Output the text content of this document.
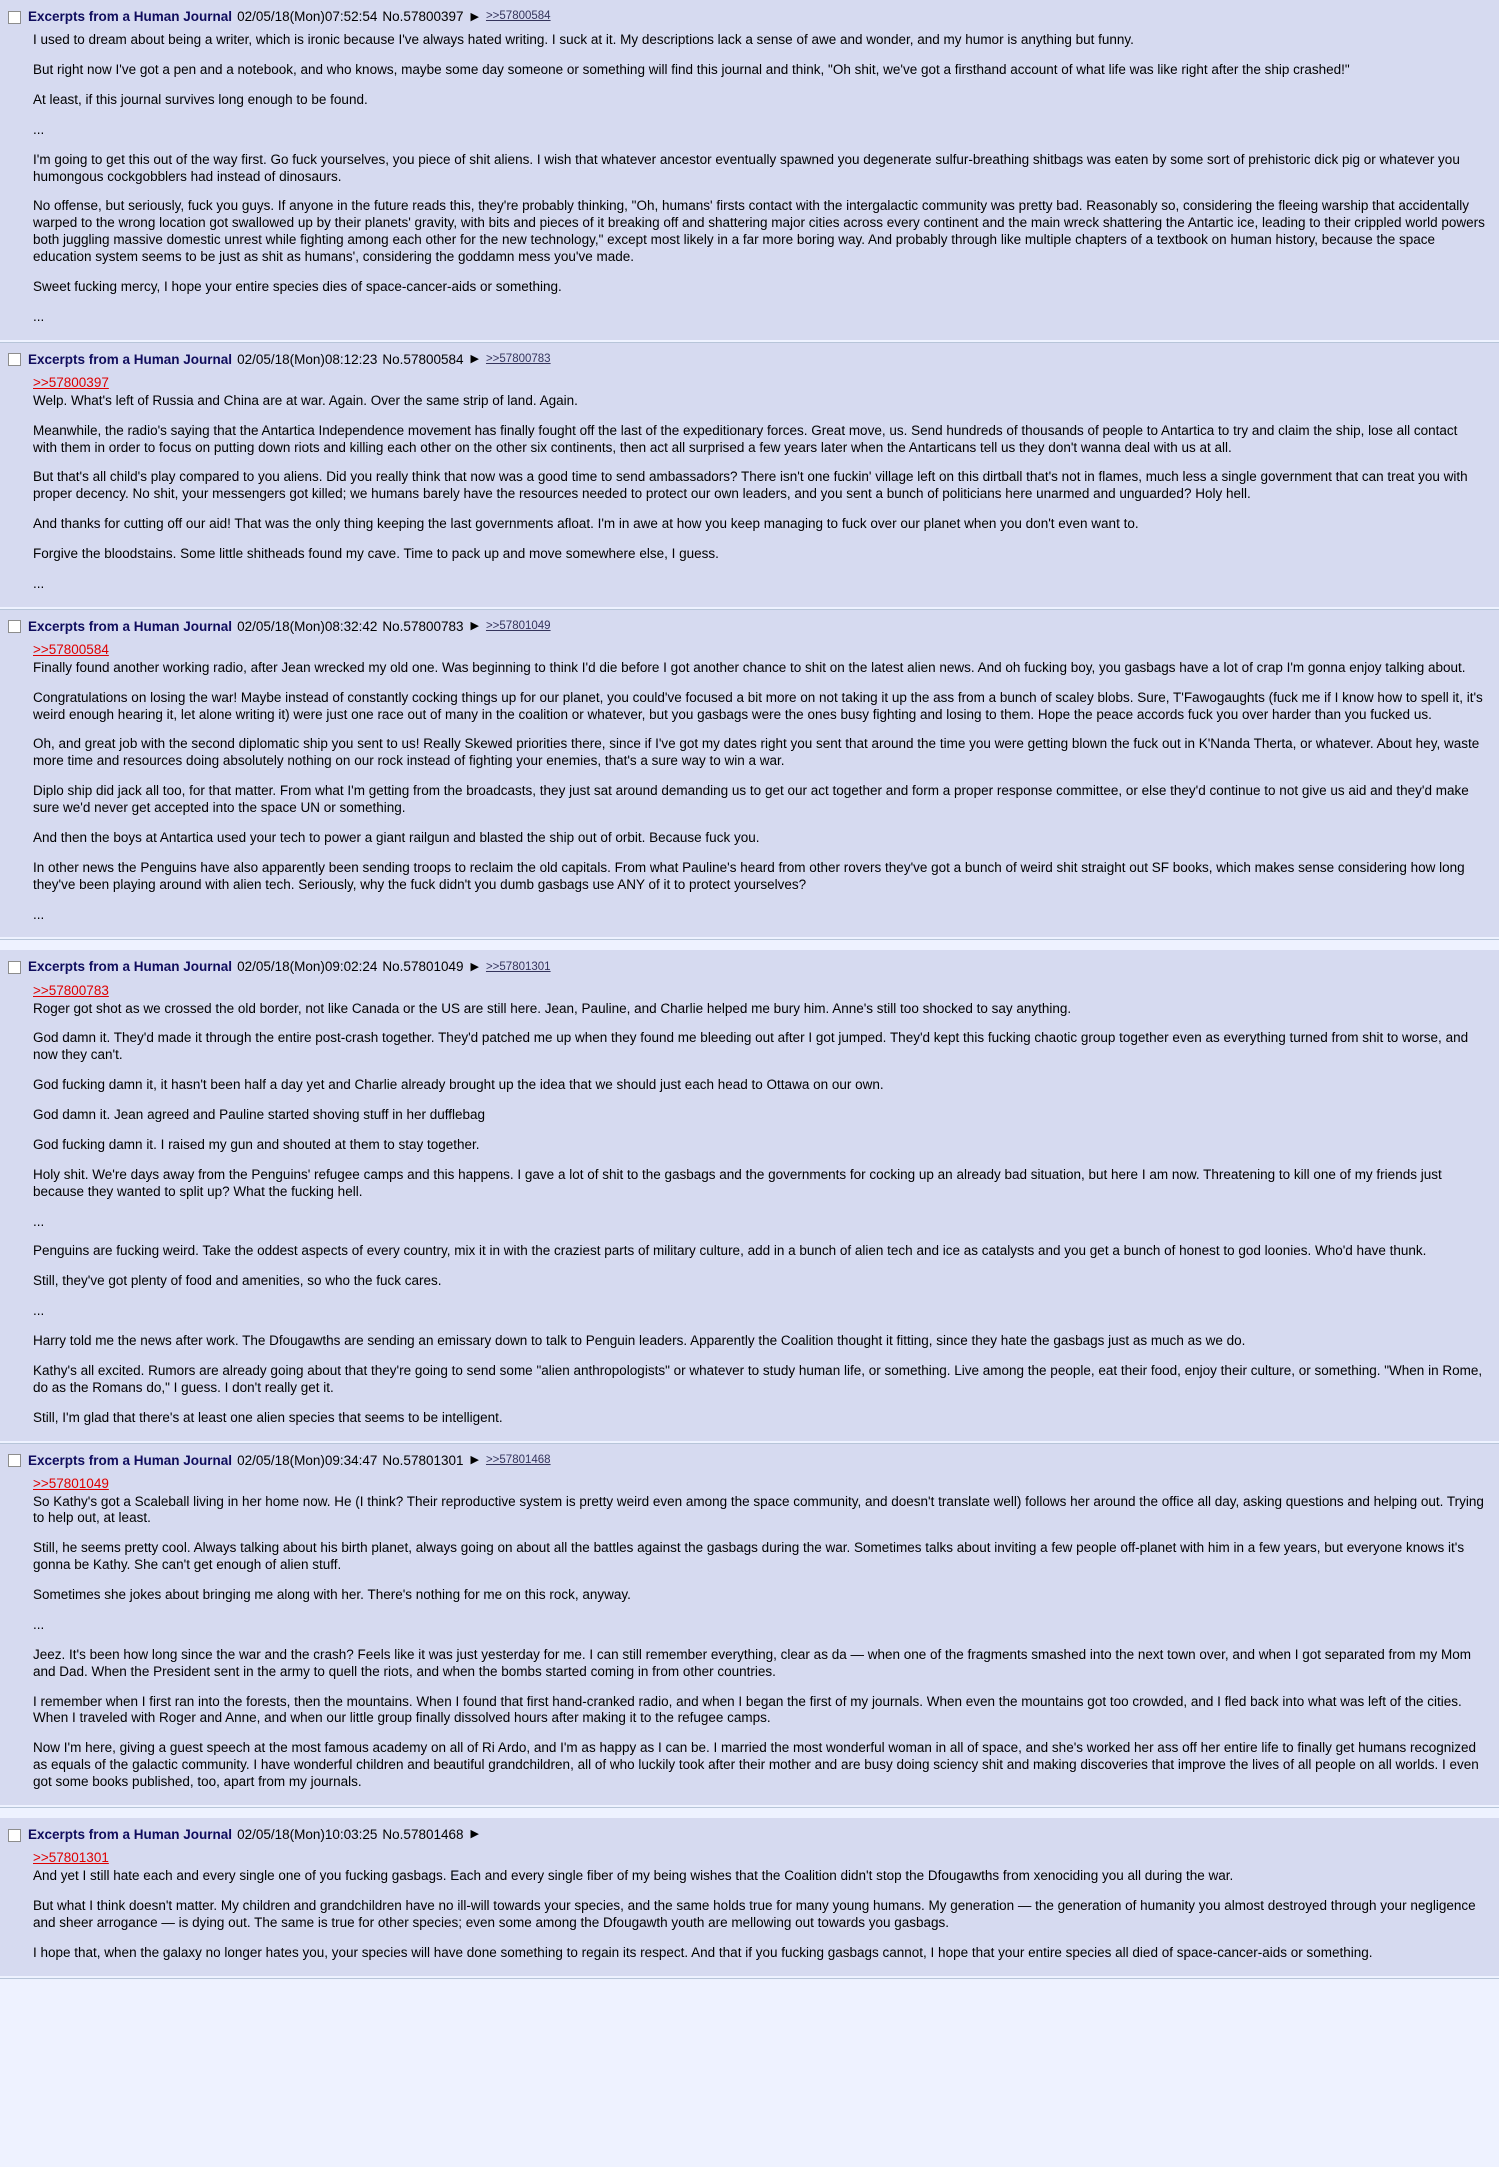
Excerpts from a Human Journal 02/05/18(Mon)07:52:54 No.57800397 ▶ >>57800584

I used to dream about being a writer, which is ironic because I've always hated writing. I suck at it. My descriptions lack a sense of awe and wonder, and my humor is anything but funny.

But right now I've got a pen and a notebook, and who knows, maybe some day someone or something will find this journal and think, "Oh shit, we've got a firsthand account of what life was like right after the ship crashed!"

At least, if this journal survives long enough to be found.

...

I'm going to get this out of the way first. Go fuck yourselves, you piece of shit aliens. I wish that whatever ancestor eventually spawned you degenerate sulfur-breathing shitbags was eaten by some sort of prehistoric dick pig or whatever you humongous cockgobblers had instead of dinosaurs.

No offense, but seriously, fuck you guys. If anyone in the future reads this, they're probably thinking, "Oh, humans' firsts contact with the intergalactic community was pretty bad. Reasonably so, considering the fleeing warship that accidentally warped to the wrong location got swallowed up by their planets' gravity, with bits and pieces of it breaking off and shattering major cities across every continent and the main wreck shattering the Antartic ice, leading to their crippled world powers both juggling massive domestic unrest while fighting among each other for the new technology," except most likely in a far more boring way. And probably through like multiple chapters of a textbook on human history, because the space education system seems to be just as shit as humans', considering the goddamn mess you've made.

Sweet fucking mercy, I hope your entire species dies of space-cancer-aids or something.

...

Excerpts from a Human Journal 02/05/18(Mon)08:12:23 No.57800584 ▶ >>57800783
>>57800397

Welp. What's left of Russia and China are at war. Again. Over the same strip of land. Again.

Meanwhile, the radio's saying that the Antartica Independence movement has finally fought off the last of the expeditionary forces. Great move, us. Send hundreds of thousands of people to Antartica to try and claim the ship, lose all contact with them in order to focus on putting down riots and killing each other on the other six continents, then act all surprised a few years later when the Antarticans tell us they don't wanna deal with us at all.

But that's all child's play compared to you aliens. Did you really think that now was a good time to send ambassadors? There isn't one fuckin' village left on this dirtball that's not in flames, much less a single government that can treat you with proper decency. No shit, your messengers got killed; we humans barely have the resources needed to protect our own leaders, and you sent a bunch of politicians here unarmed and unguarded? Holy hell.

And thanks for cutting off our aid! That was the only thing keeping the last governments afloat. I'm in awe at how you keep managing to fuck over our planet when you don't even want to.

Forgive the bloodstains. Some little shitheads found my cave. Time to pack up and move somewhere else, I guess.

...

Excerpts from a Human Journal 02/05/18(Mon)08:32:42 No.57800783 ▶ >>57801049
>>57800584

Finally found another working radio, after Jean wrecked my old one. Was beginning to think I'd die before I got another chance to shit on the latest alien news. And oh fucking boy, you gasbags have a lot of crap I'm gonna enjoy talking about.

Congratulations on losing the war! Maybe instead of constantly cocking things up for our planet, you could've focused a bit more on not taking it up the ass from a bunch of scaley blobs. Sure, T'Fawogaughts (fuck me if I know how to spell it, it's weird enough hearing it, let alone writing it) were just one race out of many in the coalition or whatever, but you gasbags were the ones busy fighting and losing to them. Hope the peace accords fuck you over harder than you fucked us.

Oh, and great job with the second diplomatic ship you sent to us! Really Skewed priorities there, since if I've got my dates right you sent that around the time you were getting blown the fuck out in K'Nanda Therta, or whatever. About hey, waste more time and resources doing absolutely nothing on our rock instead of fighting your enemies, that's a sure way to win a war.

Diplo ship did jack all too, for that matter. From what I'm getting from the broadcasts, they just sat around demanding us to get our act together and form a proper response committee, or else they'd continue to not give us aid and they'd make sure we'd never get accepted into the space UN or something.

And then the boys at Antartica used your tech to power a giant railgun and blasted the ship out of orbit. Because fuck you.

In other news the Penguins have also apparently been sending troops to reclaim the old capitals. From what Pauline's heard from other rovers they've got a bunch of weird shit straight out SF books, which makes sense considering how long they've been playing around with alien tech. Seriously, why the fuck didn't you dumb gasbags use ANY of it to protect yourselves?

...

Excerpts from a Human Journal 02/05/18(Mon)09:02:24 No.57801049 ▶ >>57801301
>>57800783

Roger got shot as we crossed the old border, not like Canada or the US are still here. Jean, Pauline, and Charlie helped me bury him. Anne's still too shocked to say anything.

God damn it. They'd made it through the entire post-crash together. They'd patched me up when they found me bleeding out after I got jumped. They'd kept this fucking chaotic group together even as everything turned from shit to worse, and now they can't.

God fucking damn it, it hasn't been half a day yet and Charlie already brought up the idea that we should just each head to Ottawa on our own.

God damn it. Jean agreed and Pauline started shoving stuff in her dufflebag

God fucking damn it. I raised my gun and shouted at them to stay together.

Holy shit. We're days away from the Penguins' refugee camps and this happens. I gave a lot of shit to the gasbags and the governments for cocking up an already bad situation, but here I am now. Threatening to kill one of my friends just because they wanted to split up? What the fucking hell.

...

Penguins are fucking weird. Take the oddest aspects of every country, mix it in with the craziest parts of military culture, add in a bunch of alien tech and ice as catalysts and you get a bunch of honest to god loonies. Who'd have thunk.

Still, they've got plenty of food and amenities, so who the fuck cares.

...

Harry told me the news after work. The Dfougawths are sending an emissary down to talk to Penguin leaders. Apparently the Coalition thought it fitting, since they hate the gasbags just as much as we do.

Kathy's all excited. Rumors are already going about that they're going to send some "alien anthropologists" or whatever to study human life, or something. Live among the people, eat their food, enjoy their culture, or something. "When in Rome, do as the Romans do," I guess. I don't really get it.

Still, I'm glad that there's at least one alien species that seems to be intelligent.

Excerpts from a Human Journal 02/05/18(Mon)09:34:47 No.57801301 ▶ >>57801468
>>57801049

So Kathy's got a Scaleball living in her home now. He (I think? Their reproductive system is pretty weird even among the space community, and doesn't translate well) follows her around the office all day, asking questions and helping out. Trying to help out, at least.

Still, he seems pretty cool. Always talking about his birth planet, always going on about all the battles against the gasbags during the war. Sometimes talks about inviting a few people off-planet with him in a few years, but everyone knows it's gonna be Kathy. She can't get enough of alien stuff.

Sometimes she jokes about bringing me along with her. There's nothing for me on this rock, anyway.

...

Jeez. It's been how long since the war and the crash? Feels like it was just yesterday for me. I can still remember everything, clear as da — when one of the fragments smashed into the next town over, and when I got separated from my Mom and Dad. When the President sent in the army to quell the riots, and when the bombs started coming in from other countries.

I remember when I first ran into the forests, then the mountains. When I found that first hand-cranked radio, and when I began the first of my journals. When even the mountains got too crowded, and I fled back into what was left of the cities. When I traveled with Roger and Anne, and when our little group finally dissolved hours after making it to the refugee camps.

Now I'm here, giving a guest speech at the most famous academy on all of Ri Ardo, and I'm as happy as I can be. I married the most wonderful woman in all of space, and she's worked her ass off her entire life to finally get humans recognized as equals of the galactic community. I have wonderful children and beautiful grandchildren, all of who luckily took after their mother and are busy doing sciency shit and making discoveries that improve the lives of all people on all worlds. I even got some books published, too, apart from my journals.

Excerpts from a Human Journal 02/05/18(Mon)10:03:25 No.57801468 ▶
>>57801301

And yet I still hate each and every single one of you fucking gasbags. Each and every single fiber of my being wishes that the Coalition didn't stop the Dfougawths from xenociding you all during the war.

But what I think doesn't matter. My children and grandchildren have no ill-will towards your species, and the same holds true for many young humans. My generation — the generation of humanity you almost destroyed through your negligence and sheer arrogance — is dying out. The same is true for other species; even some among the Dfougawth youth are mellowing out towards you gasbags.

I hope that, when the galaxy no longer hates you, your species will have done something to regain its respect. And that if you fucking gasbags cannot, I hope that your entire species all died of space-cancer-aids or something.
